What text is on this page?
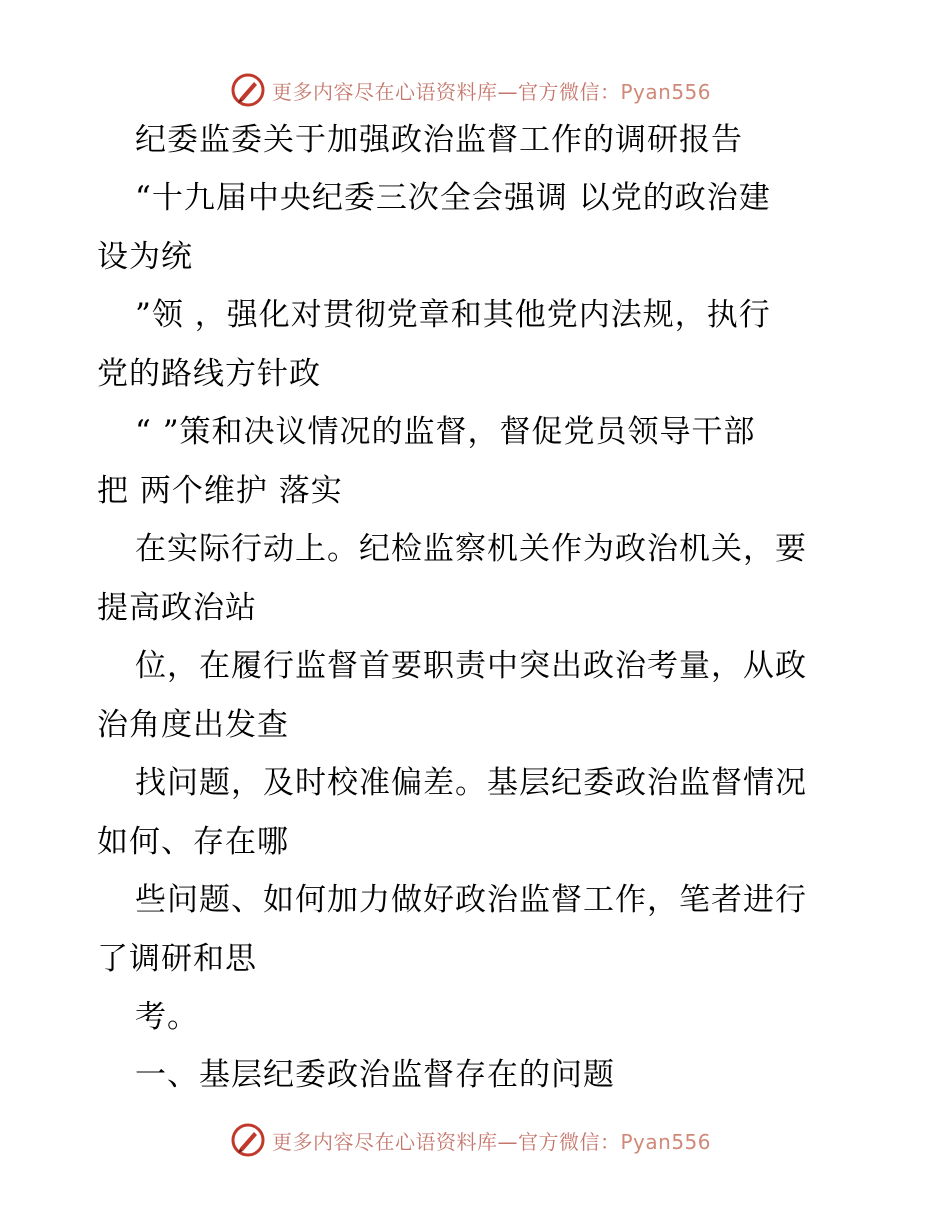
更多内容尽在心语资料库—官方微信：Pyan556
纪委监委关于加强政治监督工作的调研报告
“十九届中央纪委三次全会强调 以党的政治建
设为统
”领 ，强化对贯彻党章和其他党内法规，执行
党的路线方针政
“ ”策和决议情况的监督，督促党员领导干部
把 两个维护 落实
在实际行动上。纪检监察机关作为政治机关，要
提高政治站
位，在履行监督首要职责中突出政治考量，从政
治角度出发查
找问题，及时校准偏差。基层纪委政治监督情况
如何、存在哪
些问题、如何加力做好政治监督工作，笔者进行
了调研和思
考。
一、基层纪委政治监督存在的问题
更多内容尽在心语资料库—官方微信：Pyan556
